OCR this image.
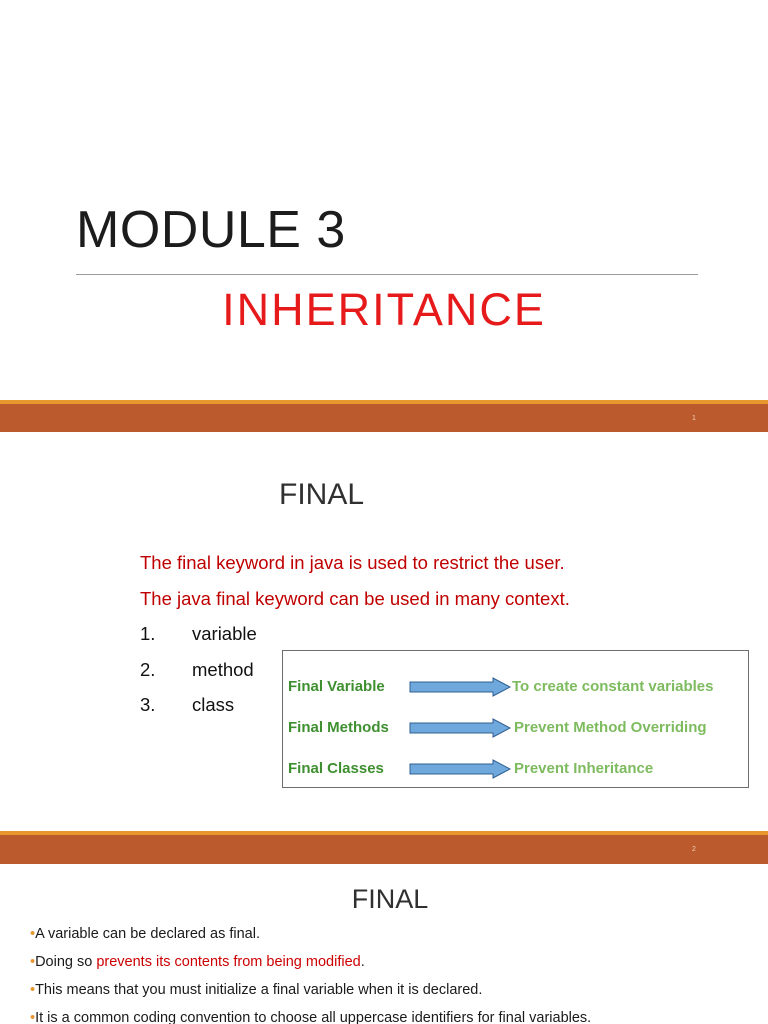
MODULE 3
INHERITANCE
1
FINAL
The final keyword in java is used to restrict the user.
The java final keyword can be used in many context.
1. variable
2. method
3. class
Final Variable	To create constant variables
Final Methods	Prevent Method Overriding
Final Classes	Prevent Inheritance
2
FINAL
•A variable can be declared as final.
•Doing so prevents its contents from being modified.
•This means that you must initialize a final variable when it is declared.
•It is a common coding convention to choose all uppercase identifiers for final variables.
